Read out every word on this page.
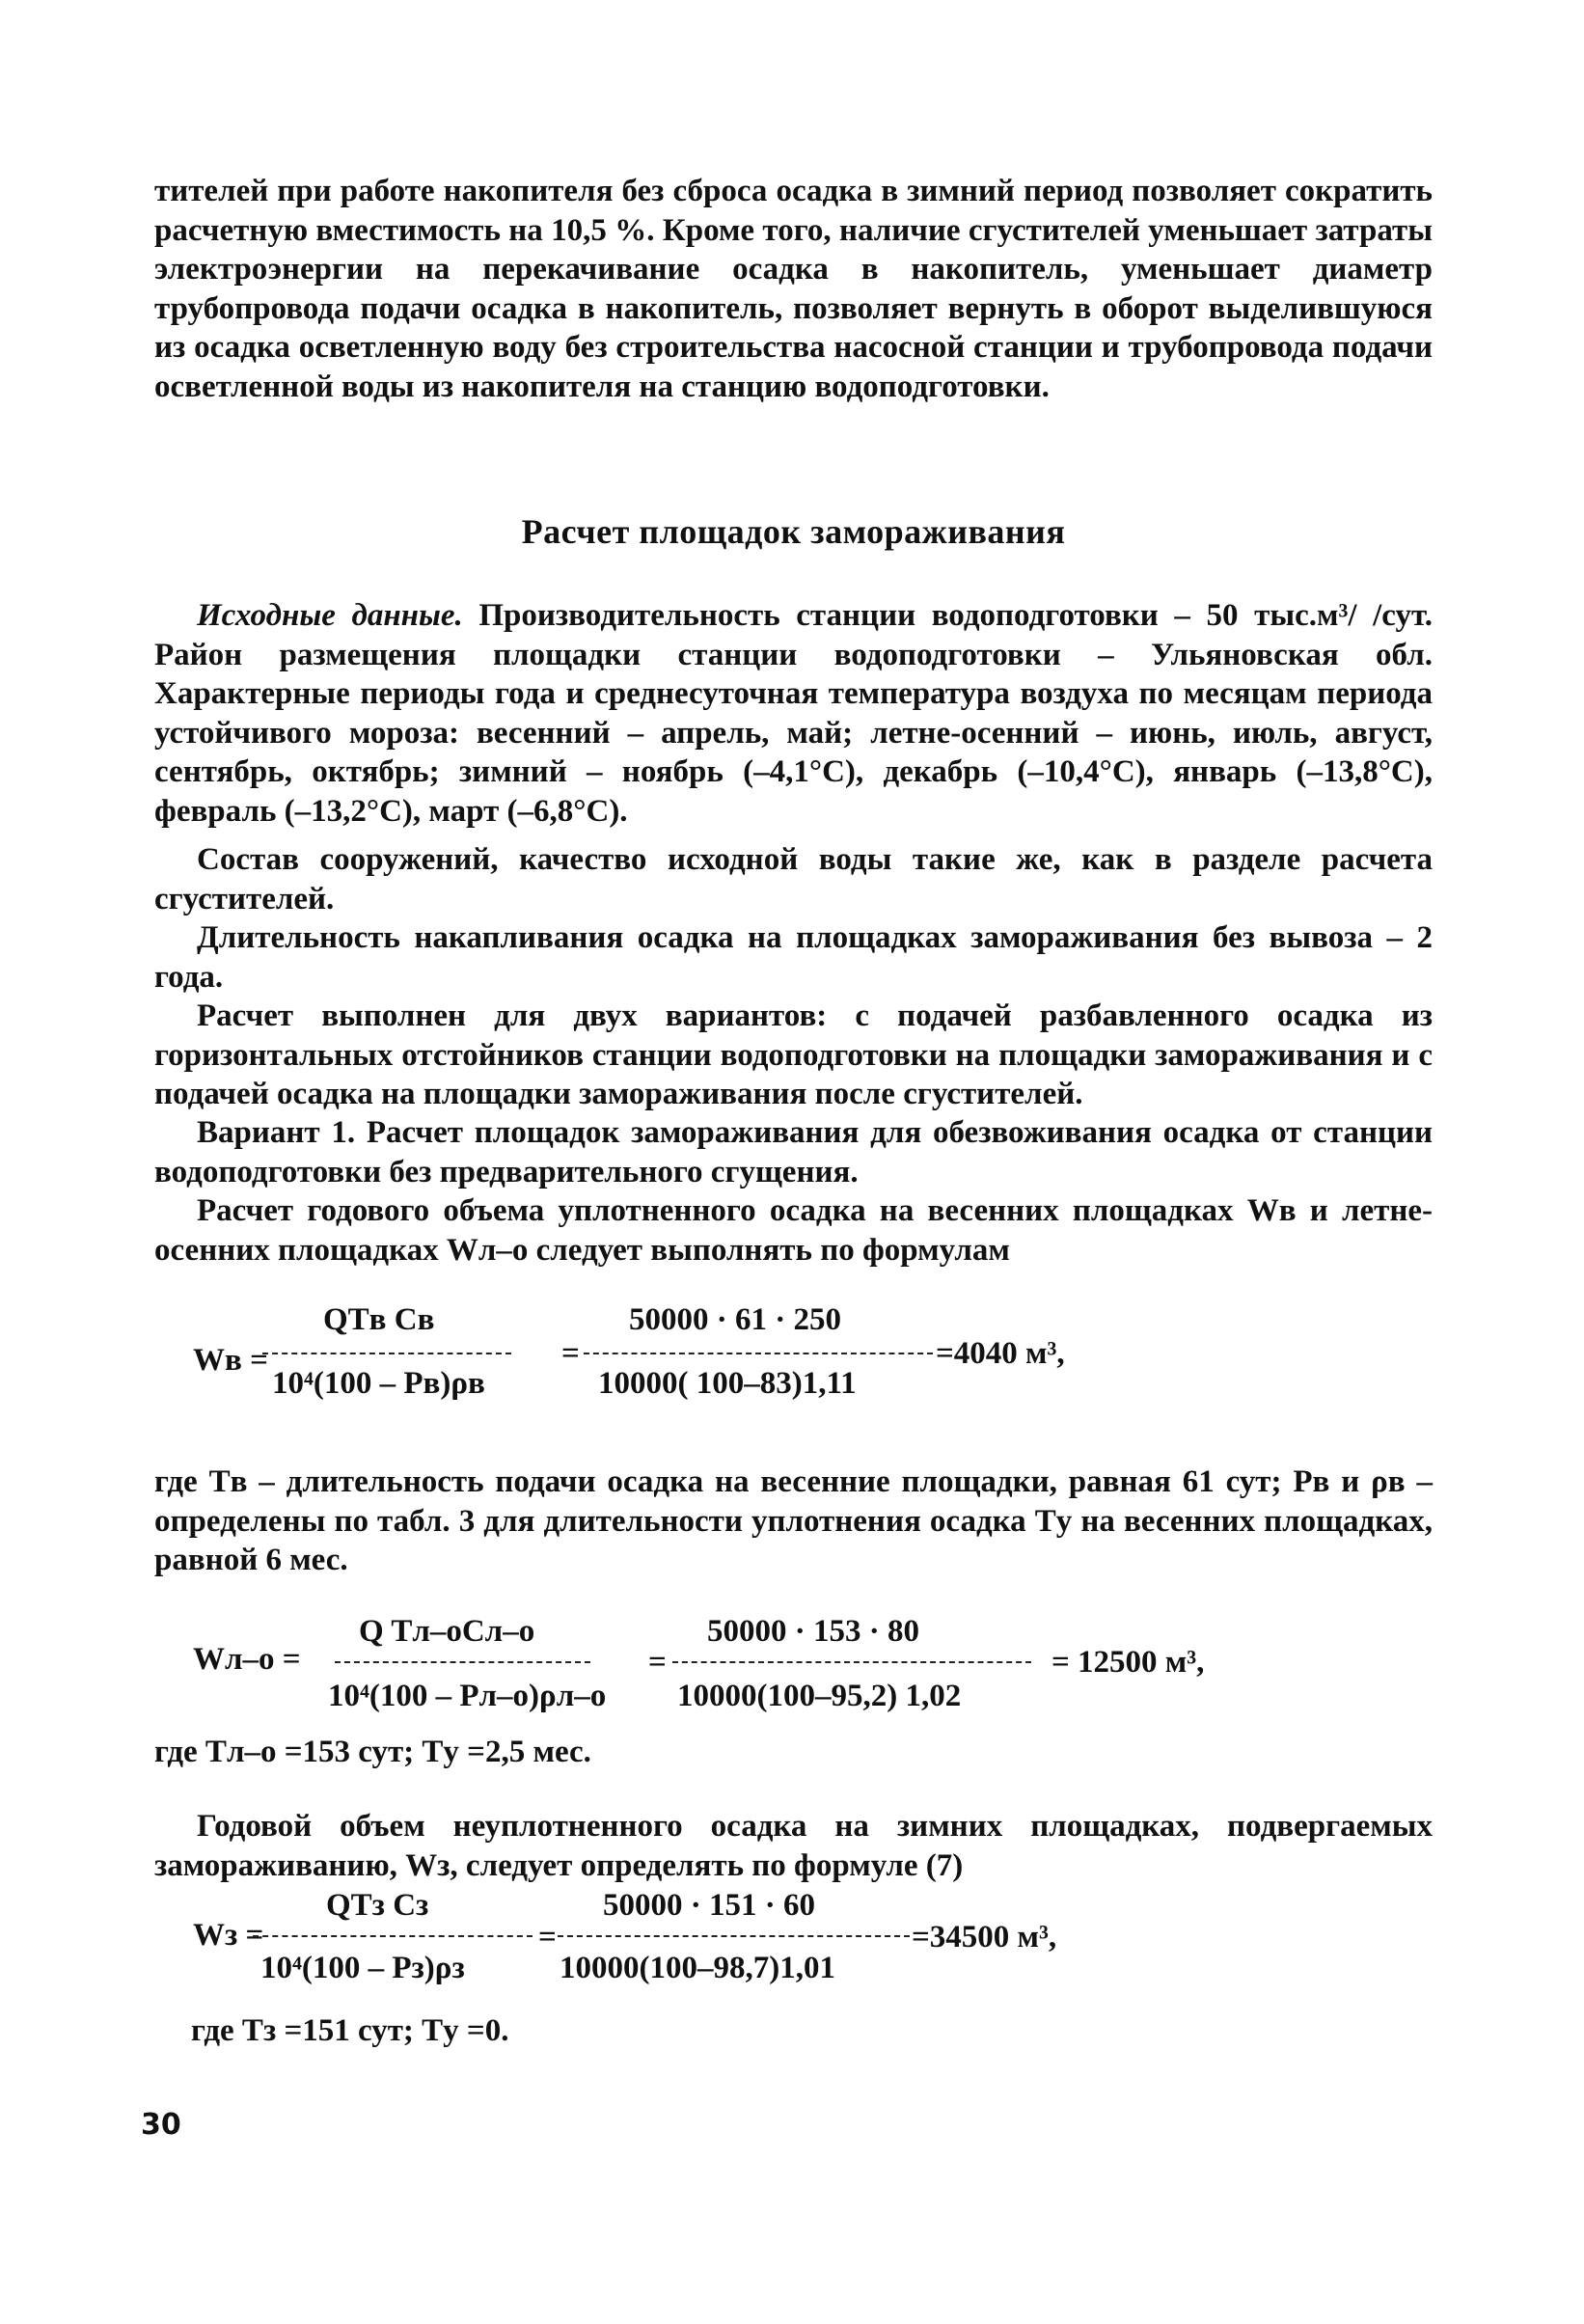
тителей при работе накопителя без сброса осадка в зимний период позволяет сократить расчетную вместимость на 10,5 %. Кроме того, наличие сгустителей уменьшает затраты электроэнергии на перекачивание осадка в накопитель, уменьшает диаметр трубопровода подачи осадка в накопитель, позволяет вернуть в оборот выделившуюся из осадка осветленную воду без строительства насосной станции и трубопровода подачи осветленной воды из накопителя на станцию водоподготовки.
Расчет площадок замораживания
Исходные данные. Производительность станции водоподготовки – 50 тыс.м³/ /сут. Район размещения площадки станции водоподготовки – Ульяновская обл. Характерные периоды года и среднесуточная температура воздуха по месяцам периода устойчивого мороза: весенний – апрель, май; летне-осенний – июнь, июль, август, сентябрь, октябрь; зимний – ноябрь (–4,1°С), декабрь (–10,4°С), январь (–13,8°С), февраль (–13,2°С), март (–6,8°С).
Состав сооружений, качество исходной воды такие же, как в разделе расчета сгустителей.
Длительность накапливания осадка на площадках замораживания без вывоза – 2 года.
Расчет выполнен для двух вариантов: с подачей разбавленного осадка из горизонтальных отстойников станции водоподготовки на площадки замораживания и с подачей осадка на площадки замораживания после сгустителей.
Вариант 1. Расчет площадок замораживания для обезвоживания осадка от станции водоподготовки без предварительного сгущения.
Расчет годового объема уплотненного осадка на весенних площадках Wв и летне-осенних площадках Wл–о следует выполнять по формулам
Wв =
QTв Cв
10⁴(100 – Pв)ρв
=
50000 · 61 · 250
10000( 100–83)1,11
=4040 м³,
где Tв – длительность подачи осадка на весенние площадки, равная 61 сут; Pв и ρв – определены по табл. 3 для длительности уплотнения осадка Tу на весенних площадках, равной 6 мес.
Wл–о =
Q Tл–оCл–о
10⁴(100 – Pл–о)ρл–о
=
50000 · 153 · 80
10000(100–95,2) 1,02
= 12500 м³,
где Tл–о =153 сут; Tу =2,5 мес.
Годовой объем неуплотненного осадка на зимних площадках, подвергаемых замораживанию, Wз, следует определять по формуле (7)
Wз =
QTз Cз
10⁴(100 – Pз)ρз
=
50000 · 151 · 60
10000(100–98,7)1,01
=34500 м³,
где Tз =151 сут; Tу =0.
30
